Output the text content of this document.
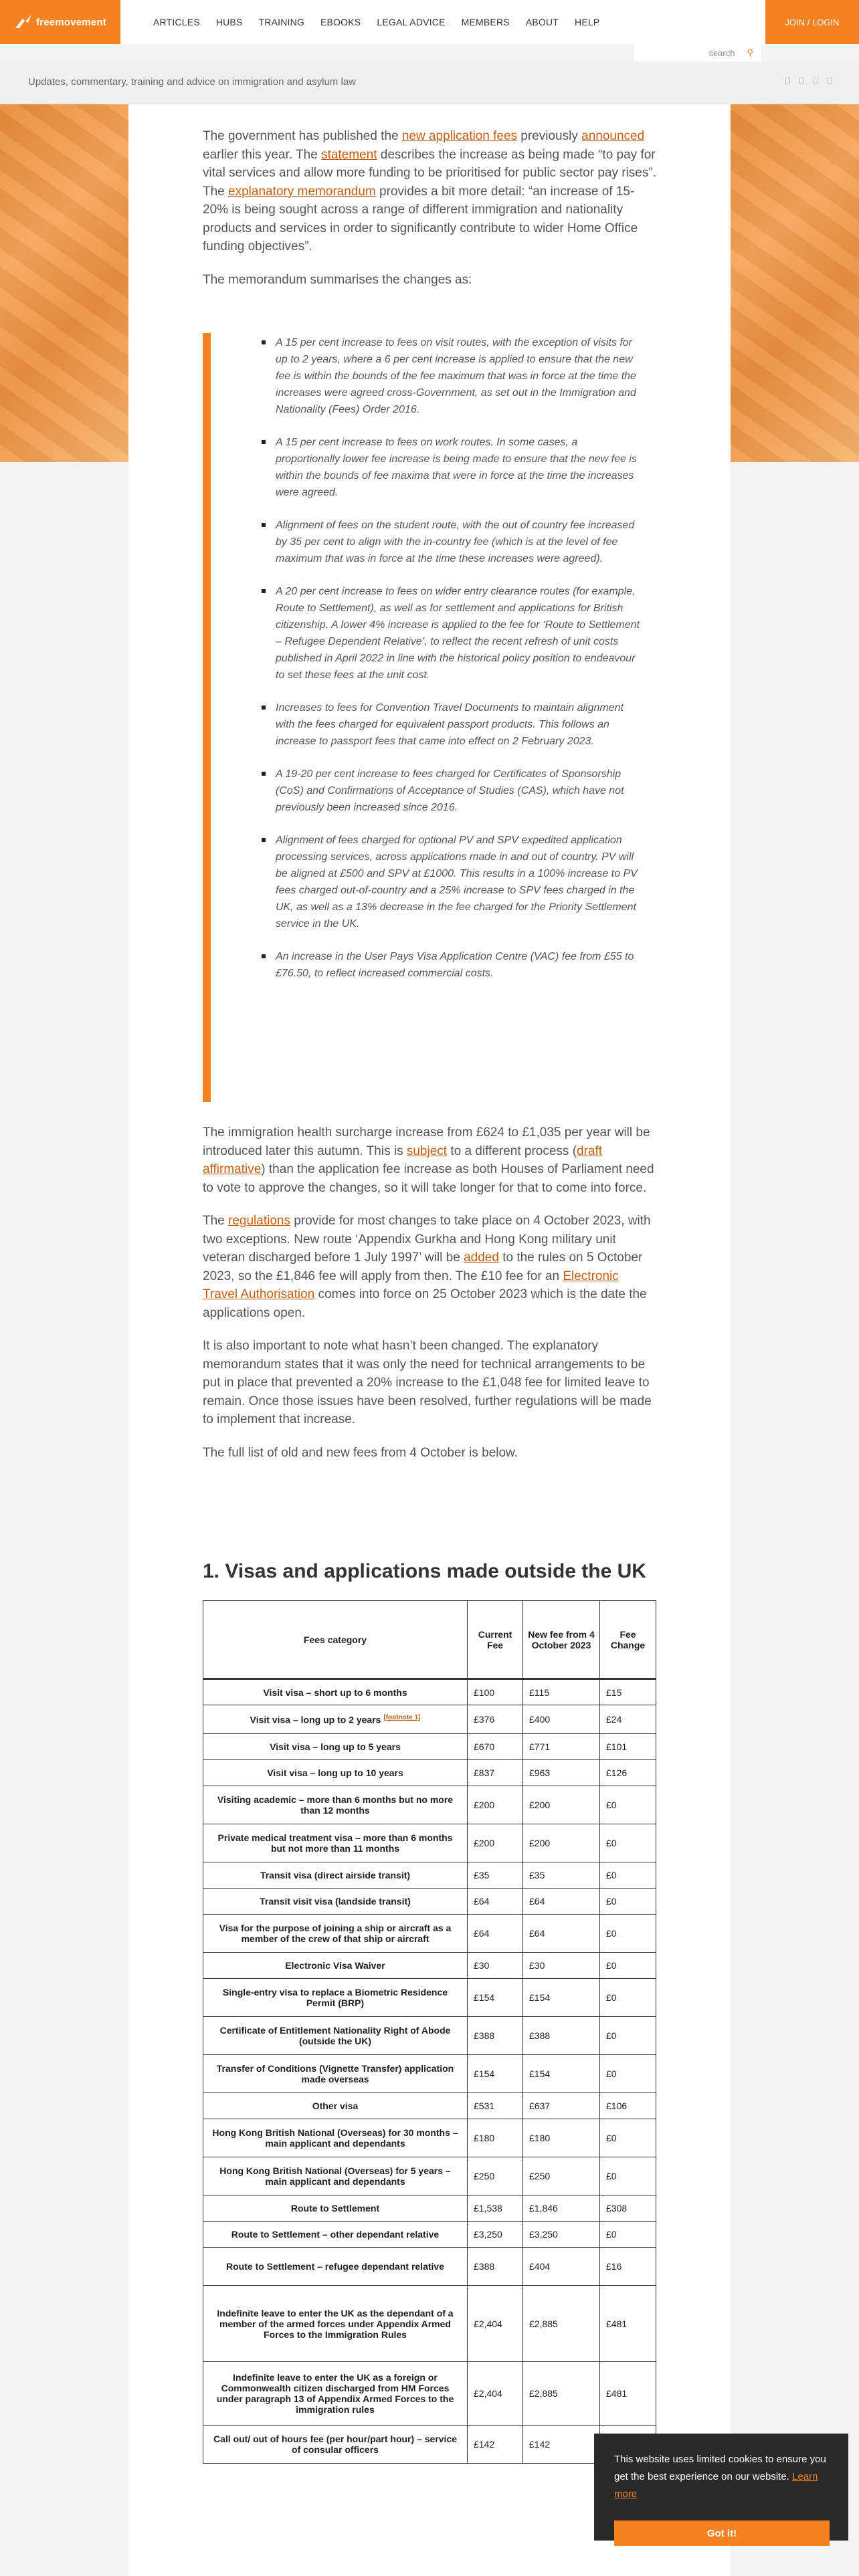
freemovement	ARTICLES HUBS TRAINING EBOOKS LEGAL ADVICE MEMBERS ABOUT HELP	JOIN / LOGIN
search ⚲
Updates, commentary, training and advice on immigration and asylum law

The government has published the new application fees previously announced earlier this year. The statement describes the increase as being made “to pay for vital services and allow more funding to be prioritised for public sector pay rises”. The explanatory memorandum provides a bit more detail: “an increase of 15-20% is being sought across a range of different immigration and nationality products and services in order to significantly contribute to wider Home Office funding objectives”.

The memorandum summarises the changes as:

A 15 per cent increase to fees on visit routes, with the exception of visits for up to 2 years, where a 6 per cent increase is applied to ensure that the new fee is within the bounds of the fee maximum that was in force at the time the increases were agreed cross-Government, as set out in the Immigration and Nationality (Fees) Order 2016.
A 15 per cent increase to fees on work routes. In some cases, a proportionally lower fee increase is being made to ensure that the new fee is within the bounds of fee maxima that were in force at the time the increases were agreed.
Alignment of fees on the student route, with the out of country fee increased by 35 per cent to align with the in-country fee (which is at the level of fee maximum that was in force at the time these increases were agreed).
A 20 per cent increase to fees on wider entry clearance routes (for example, Route to Settlement), as well as for settlement and applications for British citizenship. A lower 4% increase is applied to the fee for ‘Route to Settlement – Refugee Dependent Relative’, to reflect the recent refresh of unit costs published in April 2022 in line with the historical policy position to endeavour to set these fees at the unit cost.
Increases to fees for Convention Travel Documents to maintain alignment with the fees charged for equivalent passport products. This follows an increase to passport fees that came into effect on 2 February 2023.
A 19-20 per cent increase to fees charged for Certificates of Sponsorship (CoS) and Confirmations of Acceptance of Studies (CAS), which have not previously been increased since 2016.
Alignment of fees charged for optional PV and SPV expedited application processing services, across applications made in and out of country. PV will be aligned at £500 and SPV at £1000. This results in a 100% increase to PV fees charged out-of-country and a 25% increase to SPV fees charged in the UK, as well as a 13% decrease in the fee charged for the Priority Settlement service in the UK.
An increase in the User Pays Visa Application Centre (VAC) fee from £55 to £76.50, to reflect increased commercial costs.

The immigration health surcharge increase from £624 to £1,035 per year will be introduced later this autumn. This is subject to a different process (draft affirmative) than the application fee increase as both Houses of Parliament need to vote to approve the changes, so it will take longer for that to come into force.

The regulations provide for most changes to take place on 4 October 2023, with two exceptions. New route ‘Appendix Gurkha and Hong Kong military unit veteran discharged before 1 July 1997’ will be added to the rules on 5 October 2023, so the £1,846 fee will apply from then. The £10 fee for an Electronic Travel Authorisation comes into force on 25 October 2023 which is the date the applications open.

It is also important to note what hasn’t been changed. The explanatory memorandum states that it was only the need for technical arrangements to be put in place that prevented a 20% increase to the £1,048 fee for limited leave to remain. Once those issues have been resolved, further regulations will be made to implement that increase.

The full list of old and new fees from 4 October is below.

1. Visas and applications made outside the UK
Fees category	Current Fee	New fee from 4 October 2023	Fee Change
Visit visa – short up to 6 months	£100	£115	£15
Visit visa – long up to 2 years [footnote 1]	£376	£400	£24
Visit visa – long up to 5 years	£670	£771	£101
Visit visa – long up to 10 years	£837	£963	£126
Visiting academic – more than 6 months but no more than 12 months	£200	£200	£0
Private medical treatment visa – more than 6 months but not more than 11 months	£200	£200	£0
Transit visa (direct airside transit)	£35	£35	£0
Transit visit visa (landside transit)	£64	£64	£0
Visa for the purpose of joining a ship or aircraft as a member of the crew of that ship or aircraft	£64	£64	£0
Electronic Visa Waiver	£30	£30	£0
Single-entry visa to replace a Biometric Residence Permit (BRP)	£154	£154	£0
Certificate of Entitlement Nationality Right of Abode (outside the UK)	£388	£388	£0
Transfer of Conditions (Vignette Transfer) application made overseas	£154	£154	£0
Other visa	£531	£637	£106
Hong Kong British National (Overseas) for 30 months – main applicant and dependants	£180	£180	£0
Hong Kong British National (Overseas) for 5 years – main applicant and dependants	£250	£250	£0
Route to Settlement	£1,538	£1,846	£308
Route to Settlement – other dependant relative	£3,250	£3,250	£0
Route to Settlement – refugee dependant relative	£388	£404	£16
Indefinite leave to enter the UK as the dependant of a member of the armed forces under Appendix Armed Forces to the Immigration Rules	£2,404	£2,885	£481
Indefinite leave to enter the UK as a foreign or Commonwealth citizen discharged from HM Forces under paragraph 13 of Appendix Armed Forces to the immigration rules	£2,404	£2,885	£481
Call out/ out of hours fee (per hour/part hour) – service of consular officers	£142	£142	
This website uses limited cookies to ensure you get the best experience on our website. Learn more
Got it!
